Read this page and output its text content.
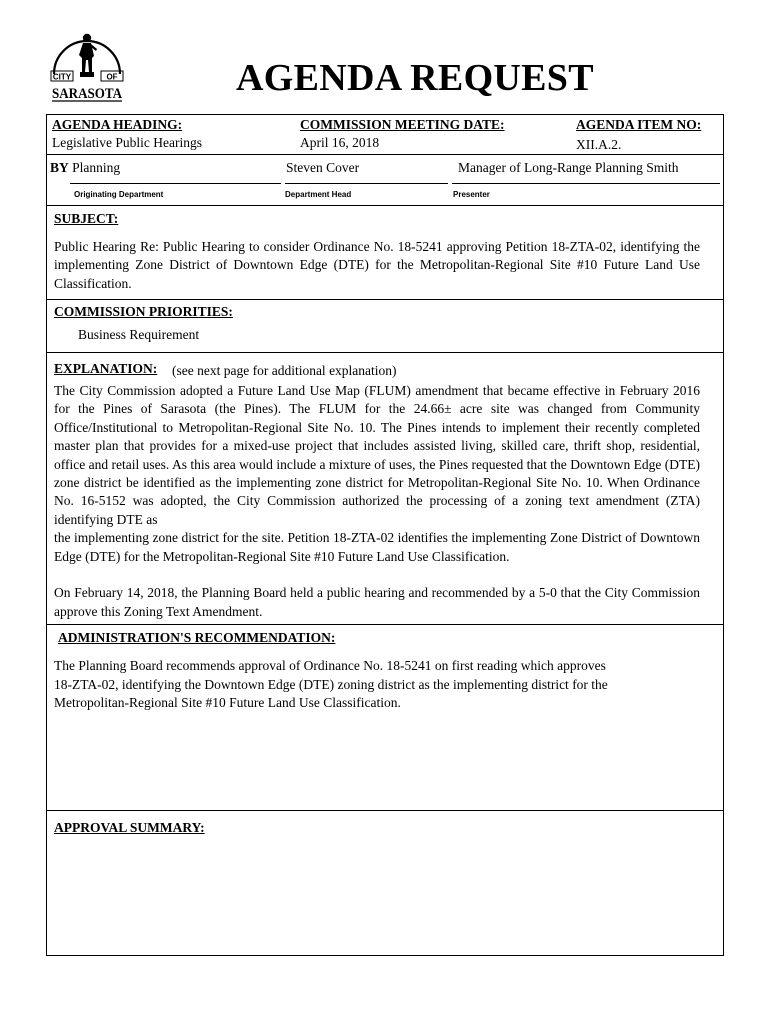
CITY	OF
SARASOTA	AGENDA REQUEST
AGENDA HEADING:
Legislative Public Hearings
COMMISSION MEETING DATE:
April 16, 2018
AGENDA ITEM NO:
XII.A.2.
BY Planning	Steven Cover	Manager of Long-Range Planning Smith
Originating Department	Department Head	Presenter
SUBJECT:
Public Hearing Re: Public Hearing to consider Ordinance No. 18-5241 approving Petition 18-ZTA-02, identifying the implementing Zone District of Downtown Edge (DTE) for the Metropolitan-Regional Site #10 Future Land Use Classification.
COMMISSION PRIORITIES:
Business Requirement
EXPLANATION: (see next page for additional explanation)

The City Commission adopted a Future Land Use Map (FLUM) amendment that became effective in February 2016 for the Pines of Sarasota (the Pines). The FLUM for the 24.66± acre site was changed from Community Office/Institutional to Metropolitan-Regional Site No. 10. The Pines intends to implement their recently completed master plan that provides for a mixed-use project that includes assisted living, skilled care, thrift shop, residential, office and retail uses. As this area would include a mixture of uses, the Pines requested that the Downtown Edge (DTE) zone district be identified as the implementing zone district for Metropolitan-Regional Site No. 10. When Ordinance No. 16-5152 was adopted, the City Commission authorized the processing of a zoning text amendment (ZTA) identifying DTE as

the implementing zone district for the site. Petition 18-ZTA-02 identifies the implementing Zone District of Downtown Edge (DTE) for the Metropolitan-Regional Site #10 Future Land Use Classification.

On February 14, 2018, the Planning Board held a public hearing and recommended by a 5-0 that the City Commission approve this Zoning Text Amendment.

ADMINISTRATION'S RECOMMENDATION:
The Planning Board recommends approval of Ordinance No. 18-5241 on first reading which approves
18-ZTA-02, identifying the Downtown Edge (DTE) zoning district as the implementing district for the
Metropolitan-Regional Site #10 Future Land Use Classification.
APPROVAL SUMMARY:
